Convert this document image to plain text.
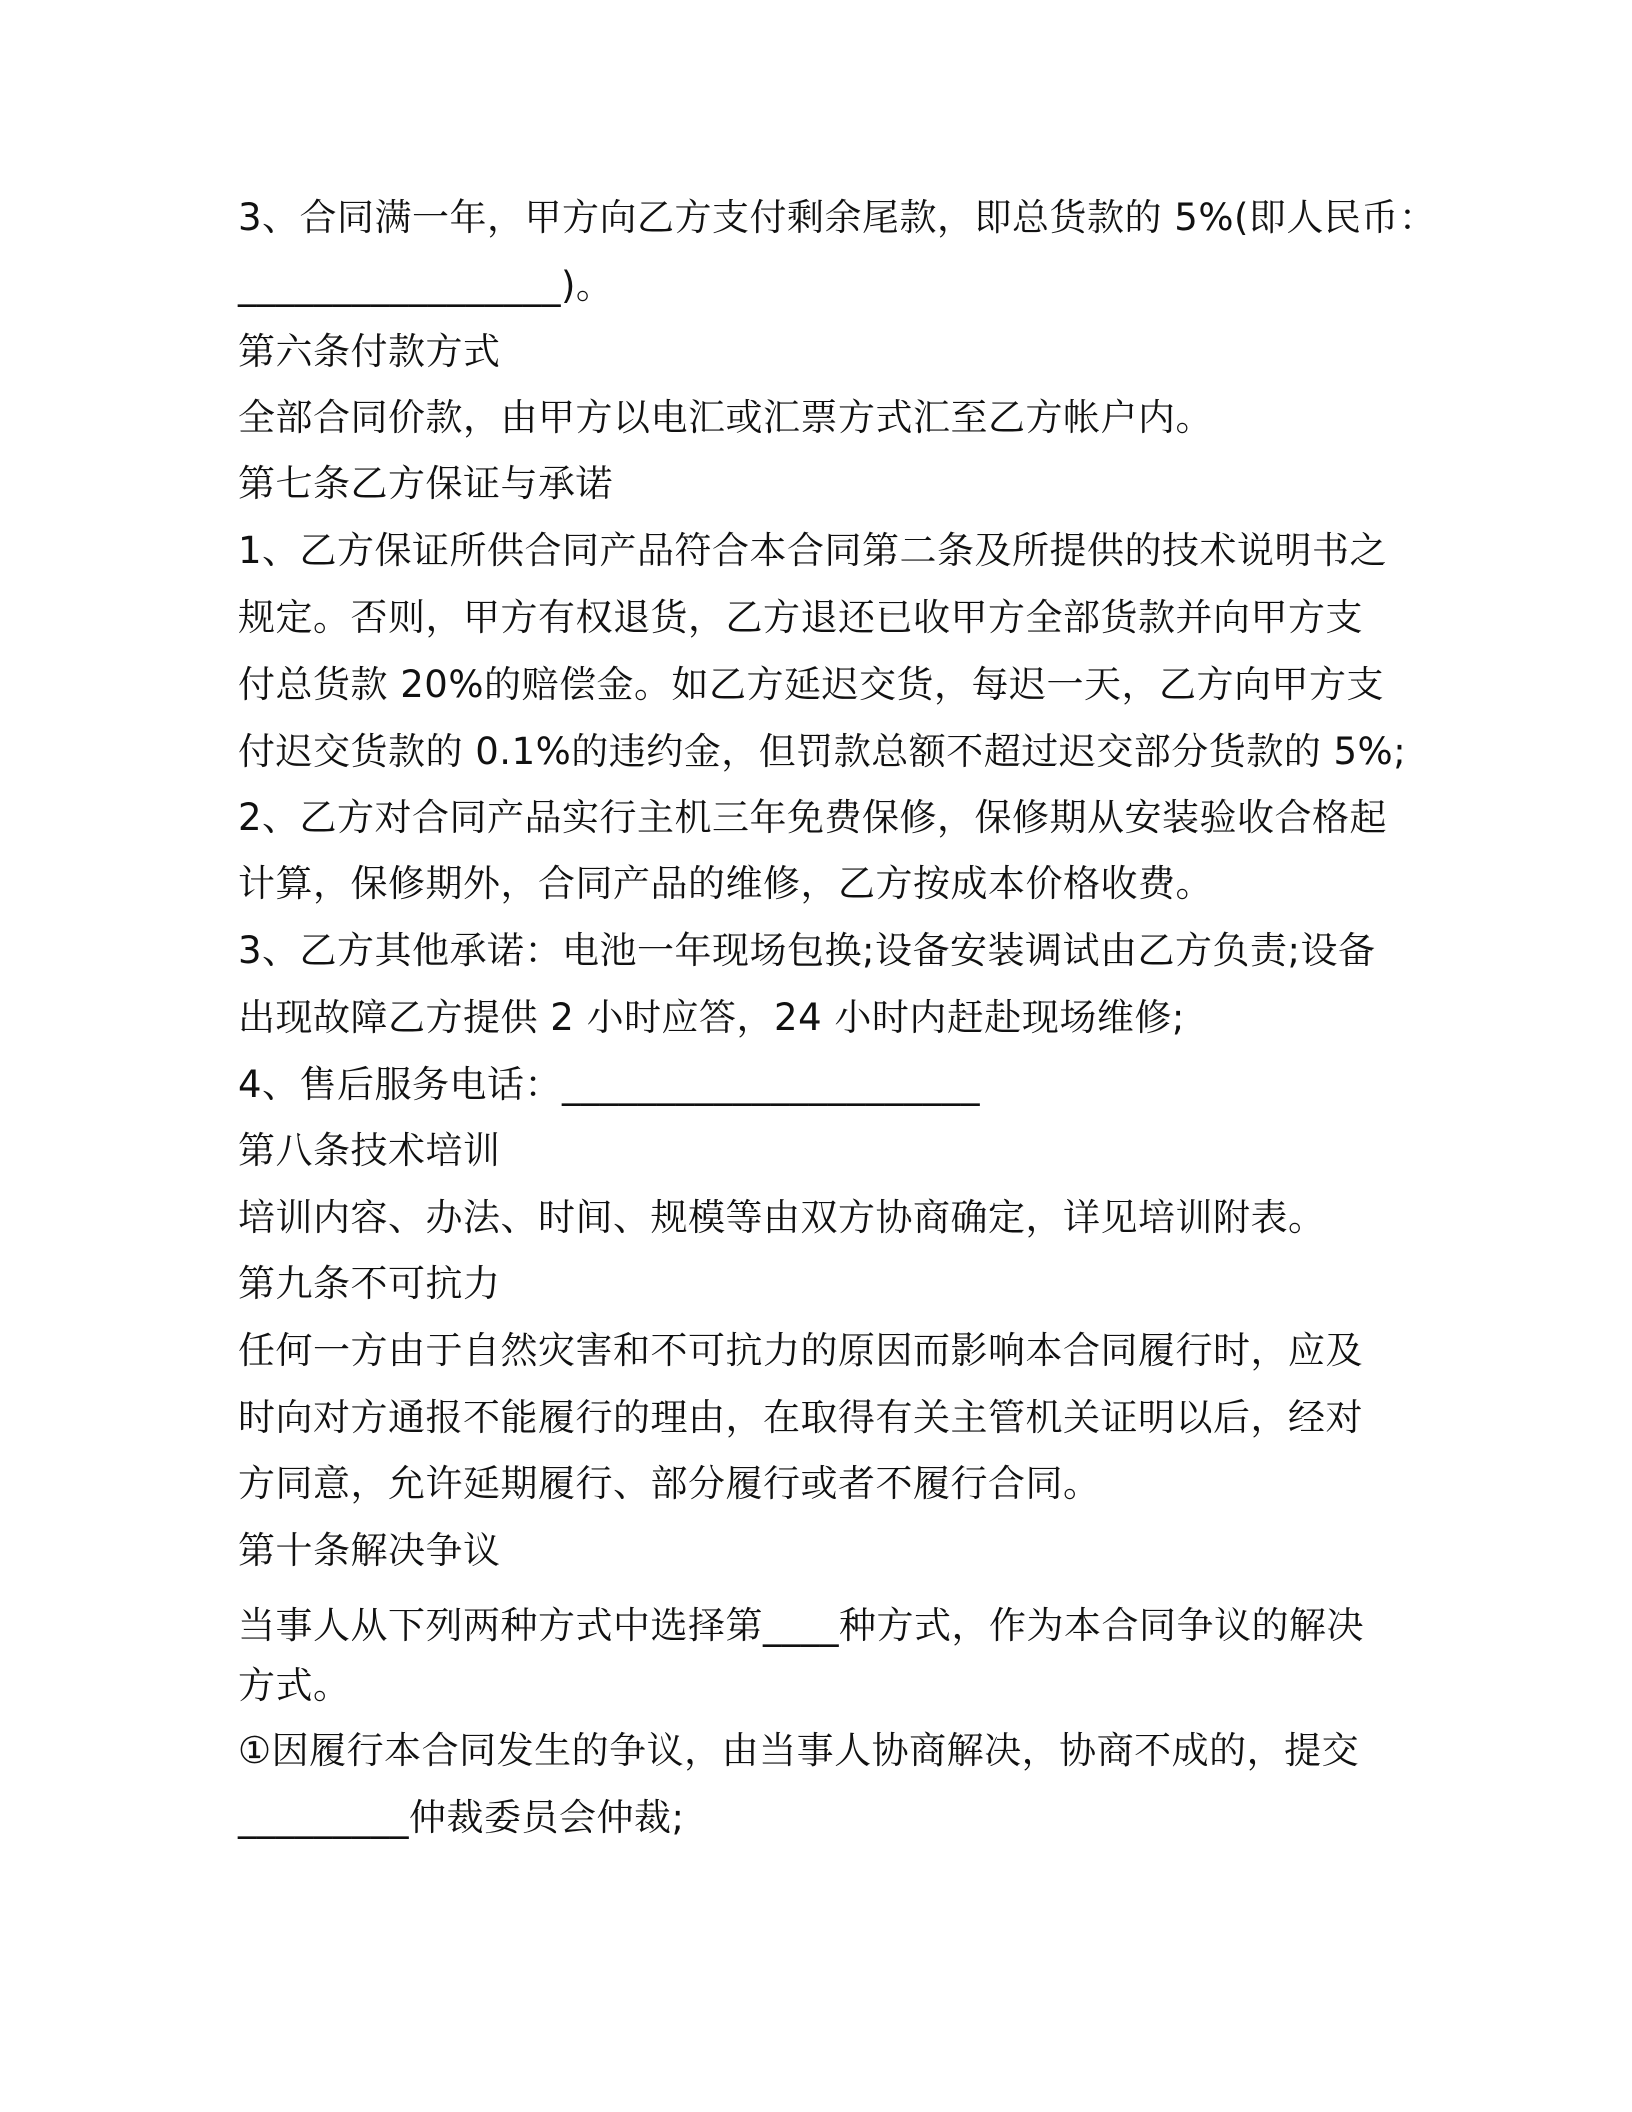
3、合同满一年，甲方向乙方支付剩余尾款，即总货款的 5%(即人民币：
_________________)。
第六条付款方式
全部合同价款，由甲方以电汇或汇票方式汇至乙方帐户内。
第七条乙方保证与承诺
1、乙方保证所供合同产品符合本合同第二条及所提供的技术说明书之
规定。否则，甲方有权退货，乙方退还已收甲方全部货款并向甲方支
付总货款 20%的赔偿金。如乙方延迟交货，每迟一天，乙方向甲方支
付迟交货款的 0.1%的违约金，但罚款总额不超过迟交部分货款的 5%;
2、乙方对合同产品实行主机三年免费保修，保修期从安装验收合格起
计算，保修期外，合同产品的维修，乙方按成本价格收费。
3、乙方其他承诺：电池一年现场包换;设备安装调试由乙方负责;设备
出现故障乙方提供 2 小时应答，24 小时内赶赴现场维修;
4、售后服务电话：______________________
第八条技术培训
培训内容、办法、时间、规模等由双方协商确定，详见培训附表。
第九条不可抗力
任何一方由于自然灾害和不可抗力的原因而影响本合同履行时，应及
时向对方通报不能履行的理由，在取得有关主管机关证明以后，经对
方同意，允许延期履行、部分履行或者不履行合同。
第十条解决争议
当事人从下列两种方式中选择第____种方式，作为本合同争议的解决
方式。
①因履行本合同发生的争议，由当事人协商解决，协商不成的，提交
_________仲裁委员会仲裁;
